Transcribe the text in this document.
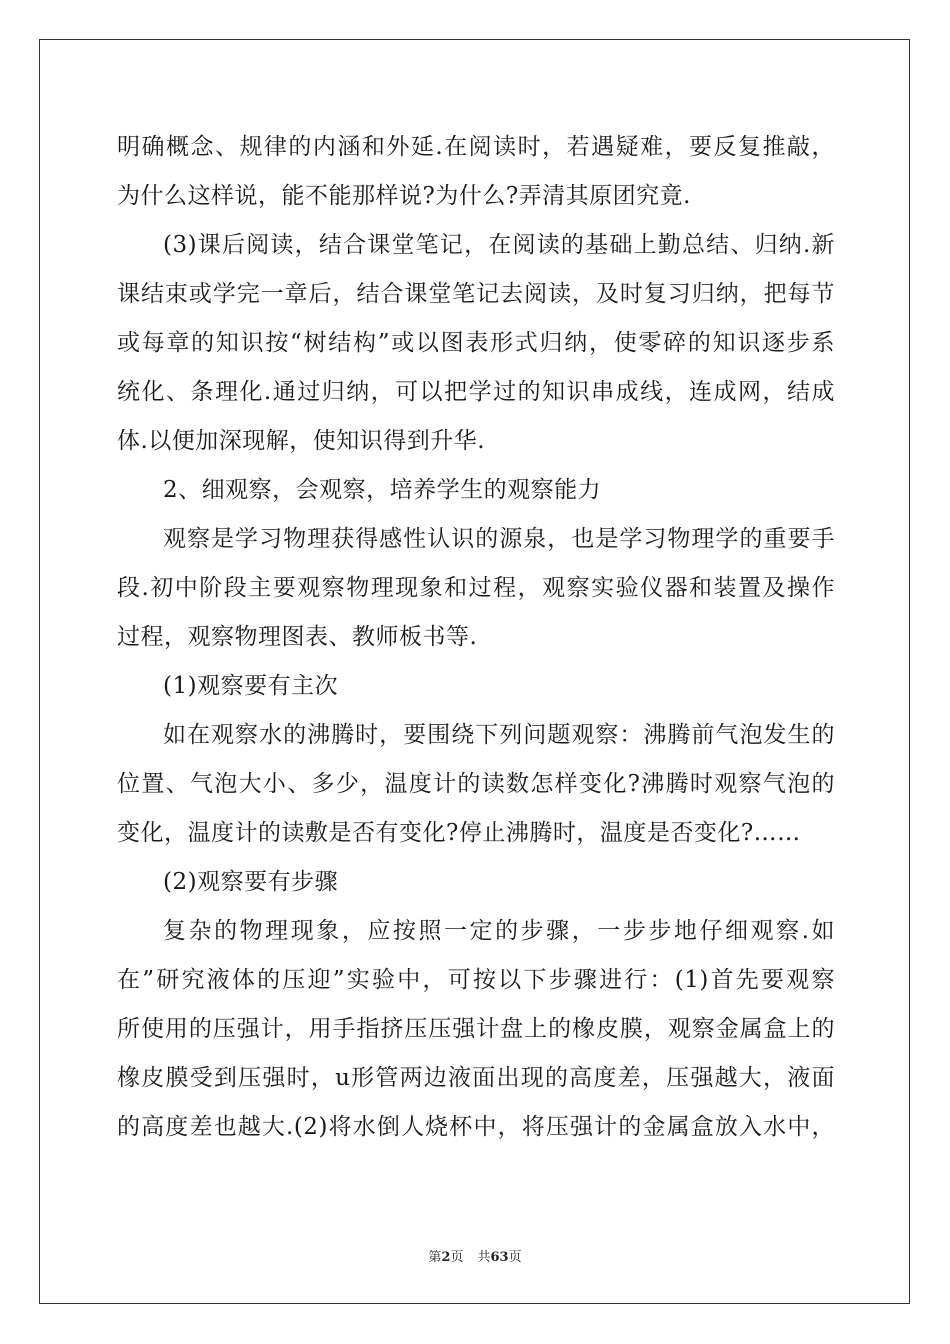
明确概念、规律的内涵和外延.在阅读时，若遇疑难，要反复推敲，
为什么这样说，能不能那样说?为什么?弄清其原团究竟.
(3)课后阅读，结合课堂笔记，在阅读的基础上勤总结、归纳.新
课结束或学完一章后，结合课堂笔记去阅读，及时复习归纳，把每节
或每章的知识按“树结构”或以图表形式归纳，使零碎的知识逐步系
统化、条理化.通过归纳，可以把学过的知识串成线，连成网，结成
体.以便加深现解，使知识得到升华.
2、细观察，会观察，培养学生的观察能力
观察是学习物理获得感性认识的源泉，也是学习物理学的重要手
段.初中阶段主要观察物理现象和过程，观察实验仪器和装置及操作
过程，观察物理图表、教师板书等.
(1)观察要有主次
如在观察水的沸腾时，要围绕下列问题观察：沸腾前气泡发生的
位置、气泡大小、多少，温度计的读数怎样变化?沸腾时观察气泡的
变化，温度计的读敷是否有变化?停止沸腾时，温度是否变化?……
(2)观察要有步骤
复杂的物理现象，应按照一定的步骤，一步步地仔细观察.如
在”研究液体的压迎”实验中，可按以下步骤进行：(1)首先要观察
所使用的压强计，用手指挤压压强计盘上的橡皮膜，观察金属盒上的
橡皮膜受到压强时，u形管两边液面出现的高度差，压强越大，液面
的高度差也越大.(2)将水倒人烧杯中，将压强计的金属盒放入水中，
第2页 共63页
